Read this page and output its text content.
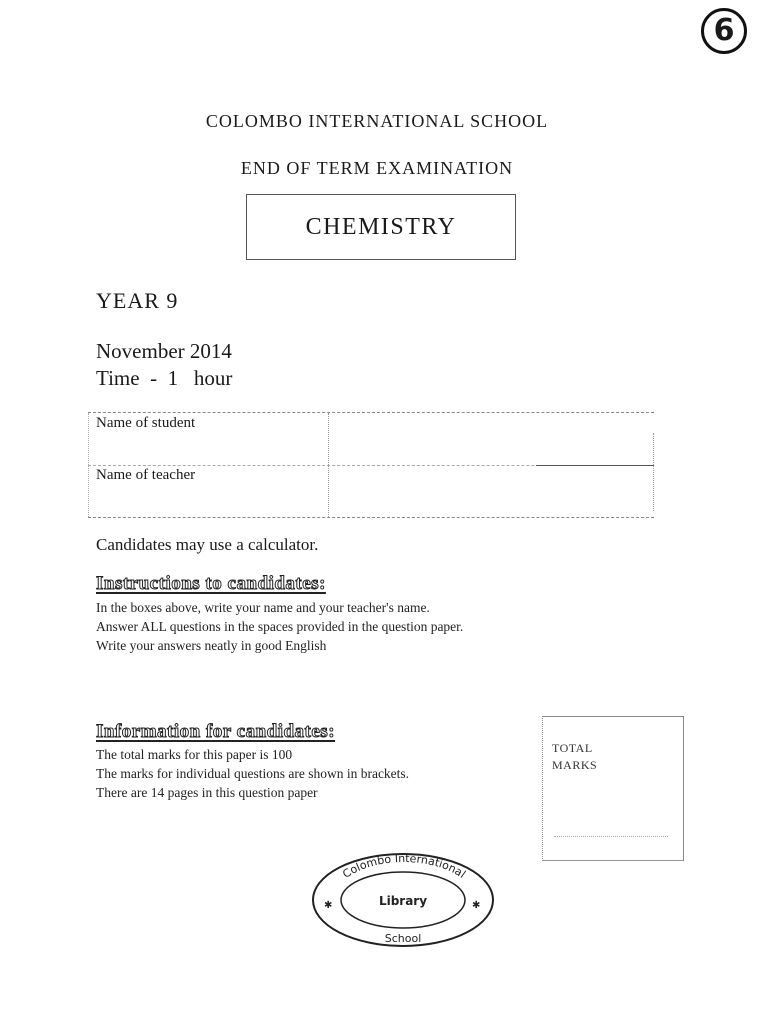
6
COLOMBO INTERNATIONAL SCHOOL
END OF TERM EXAMINATION
CHEMISTRY
YEAR 9
November 2014
Time  -  1   hour
Name of student
Name of teacher
Candidates may use a calculator.
Instructions to candidates:
In the boxes above, write your name and your teacher's name.
Answer ALL questions in the spaces provided in the question paper.
Write your answers neatly in good English
Information for candidates:
The total marks for this paper is 100
The marks for individual questions are shown in brackets.
There are 14 pages in this question paper
TOTAL
MARKS
Colombo International
Library
School
✱	✱
